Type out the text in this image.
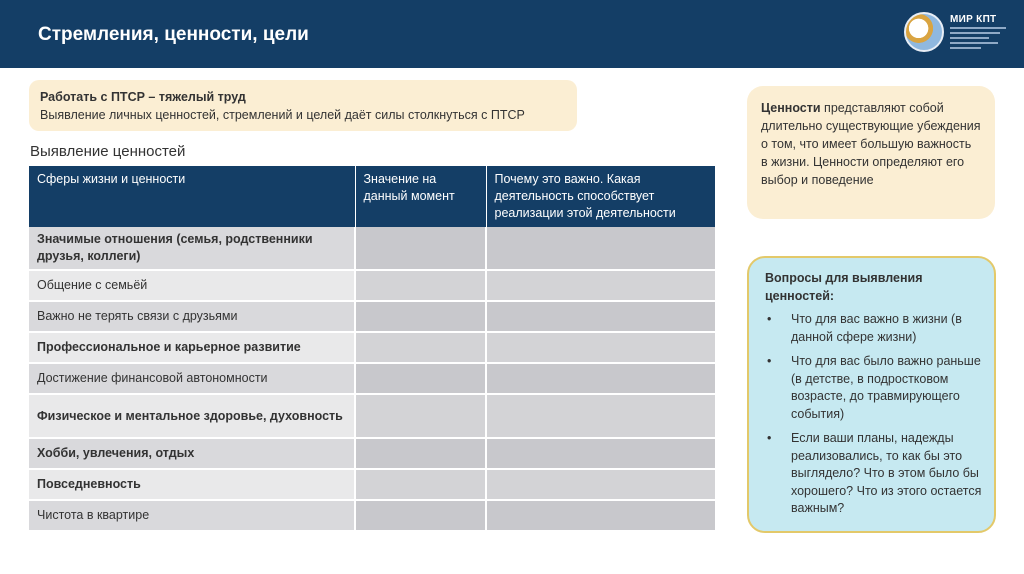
Стремления, ценности, цели
МИР КПТ
Работать с ПТСР – тяжелый труд
Выявление личных ценностей, стремлений и целей даёт силы столкнуться с ПТСР
Выявление ценностей
Сферы жизни и ценности	Значение на данный момент	Почему это важно. Какая деятельность способствует реализации этой деятельности
Значимые отношения (семья, родственники друзья, коллеги)		
Общение с семьёй		
Важно не терять связи с друзьями		
Профессиональное и карьерное развитие		
Достижение финансовой автономности		
Физическое и ментальное здоровье, духовность		
Хобби, увлечения, отдых		
Повседневность		
Чистота в квартире		
Ценности представляют собой длительно существующие убеждения о том, что имеет большую важность в жизни. Ценности определяют его выбор и поведение
Вопросы для выявления ценностей:
• Что для вас важно в жизни (в данной сфере жизни)
• Что для вас было важно раньше (в детстве, в подростковом возрасте, до травмирующего события)
• Если ваши планы, надежды реализовались, то как бы это выглядело? Что в этом было бы хорошего? Что из этого остается важным?
